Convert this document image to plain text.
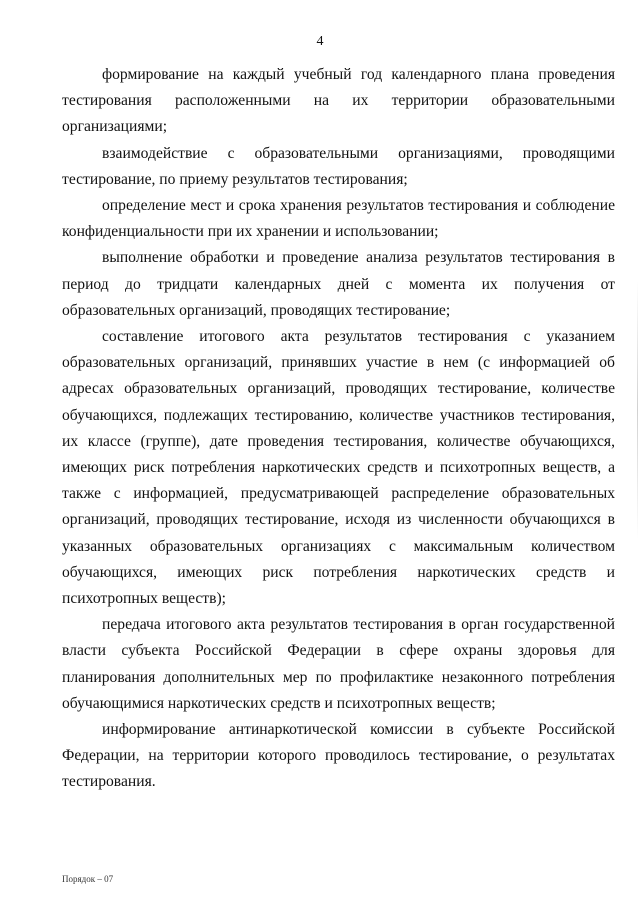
4

формирование на каждый учебный год календарного плана проведения тестирования расположенными на их территории образовательными организациями;

взаимодействие с образовательными организациями, проводящими тестирование, по приему результатов тестирования;

определение мест и срока хранения результатов тестирования и соблюдение конфиденциальности при их хранении и использовании;

выполнение обработки и проведение анализа результатов тестирования в период до тридцати календарных дней с момента их получения от образовательных организаций, проводящих тестирование;

составление итогового акта результатов тестирования с указанием образовательных организаций, принявших участие в нем (с информацией об адресах образовательных организаций, проводящих тестирование, количестве обучающихся, подлежащих тестированию, количестве участников тестирования, их классе (группе), дате проведения тестирования, количестве обучающихся, имеющих риск потребления наркотических средств и психотропных веществ, а также с информацией, предусматривающей распределение образовательных организаций, проводящих тестирование, исходя из численности обучающихся в указанных образовательных организациях с максимальным количеством обучающихся, имеющих риск потребления наркотических средств и психотропных веществ);

передача итогового акта результатов тестирования в орган государственной власти субъекта Российской Федерации в сфере охраны здоровья для планирования дополнительных мер по профилактике незаконного потребления обучающимися наркотических средств и психотропных веществ;

информирование антинаркотической комиссии в субъекте Российской Федерации, на территории которого проводилось тестирование, о результатах тестирования.

Порядок – 07
